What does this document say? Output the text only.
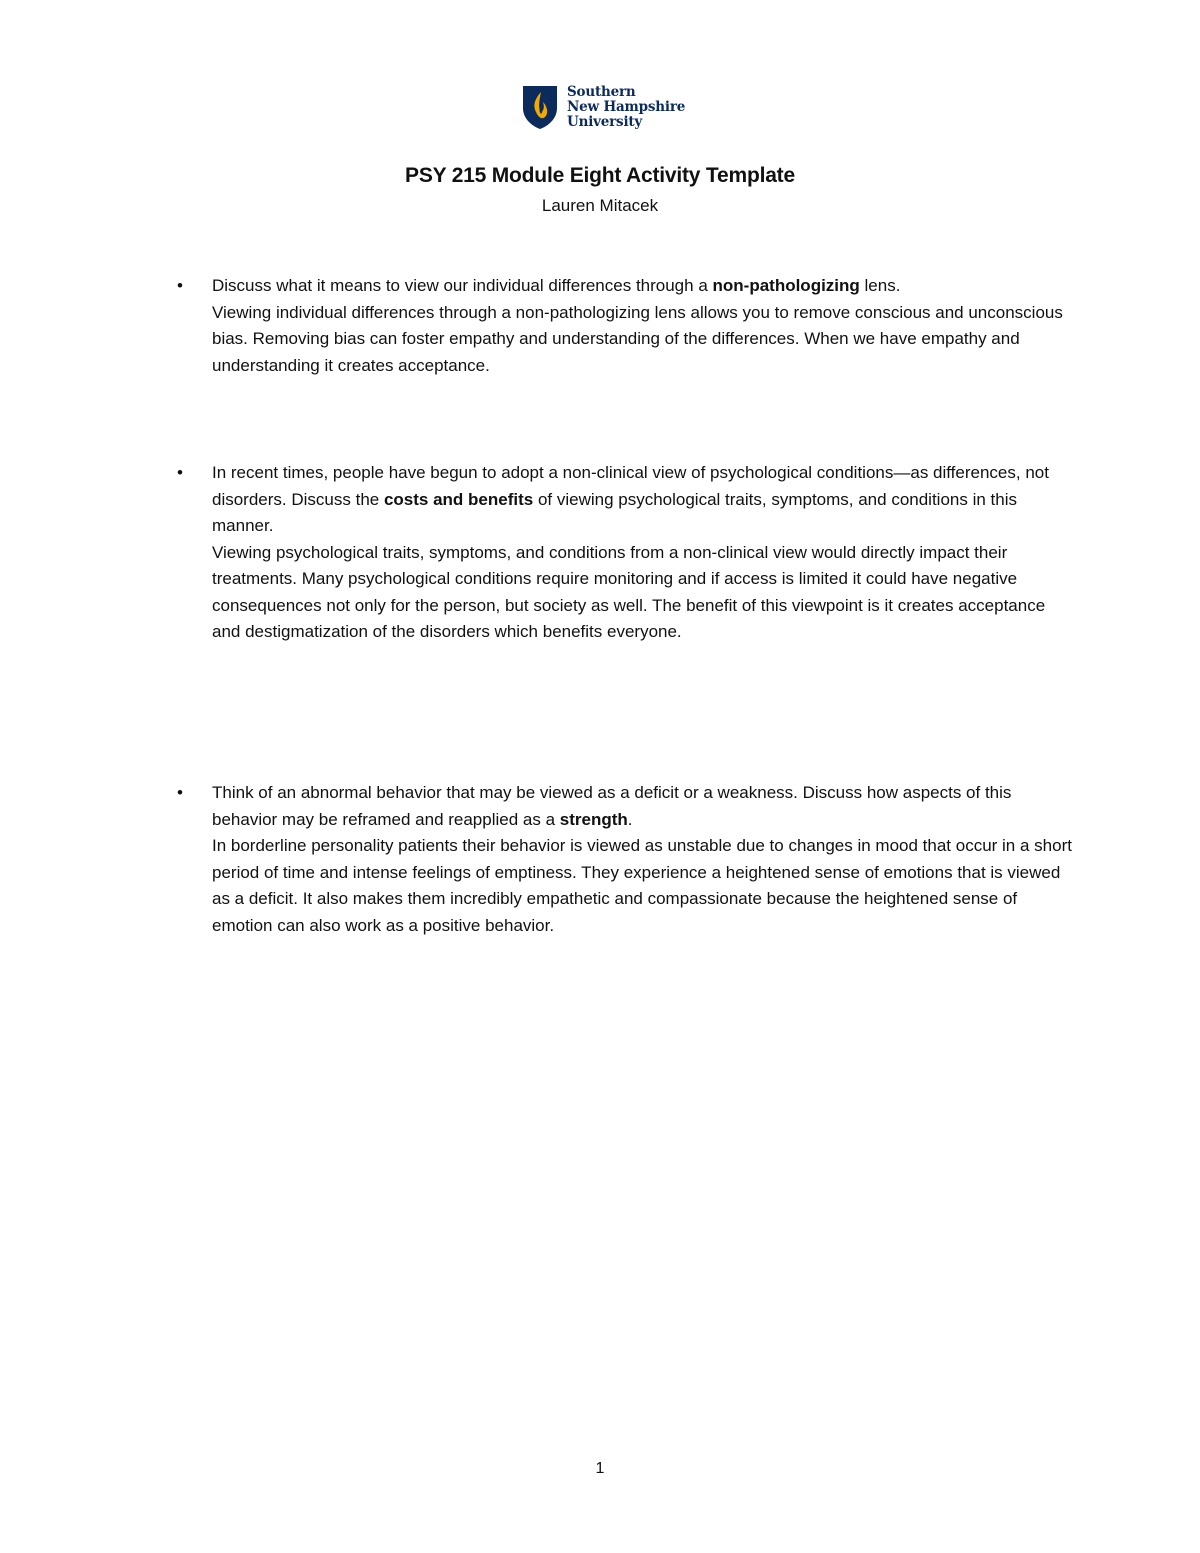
Southern
New Hampshire
University
PSY 215 Module Eight Activity Template
Lauren Mitacek
• Discuss what it means to view our individual differences through a non-pathologizing lens.

Viewing individual differences through a non-pathologizing lens allows you to remove conscious and unconscious bias. Removing bias can foster empathy and understanding of the differences. When we have empathy and understanding it creates acceptance.

• In recent times, people have begun to adopt a non-clinical view of psychological conditions—as differences, not disorders. Discuss the costs and benefits of viewing psychological traits, symptoms, and conditions in this manner.

Viewing psychological traits, symptoms, and conditions from a non-clinical view would directly impact their treatments. Many psychological conditions require monitoring and if access is limited it could have negative consequences not only for the person, but society as well. The benefit of this viewpoint is it creates acceptance and destigmatization of the disorders which benefits everyone.

• Think of an abnormal behavior that may be viewed as a deficit or a weakness. Discuss how aspects of this behavior may be reframed and reapplied as a strength.

In borderline personality patients their behavior is viewed as unstable due to changes in mood that occur in a short period of time and intense feelings of emptiness. They experience a heightened sense of emotions that is viewed as a deficit. It also makes them incredibly empathetic and compassionate because the heightened sense of emotion can also work as a positive behavior.

1
